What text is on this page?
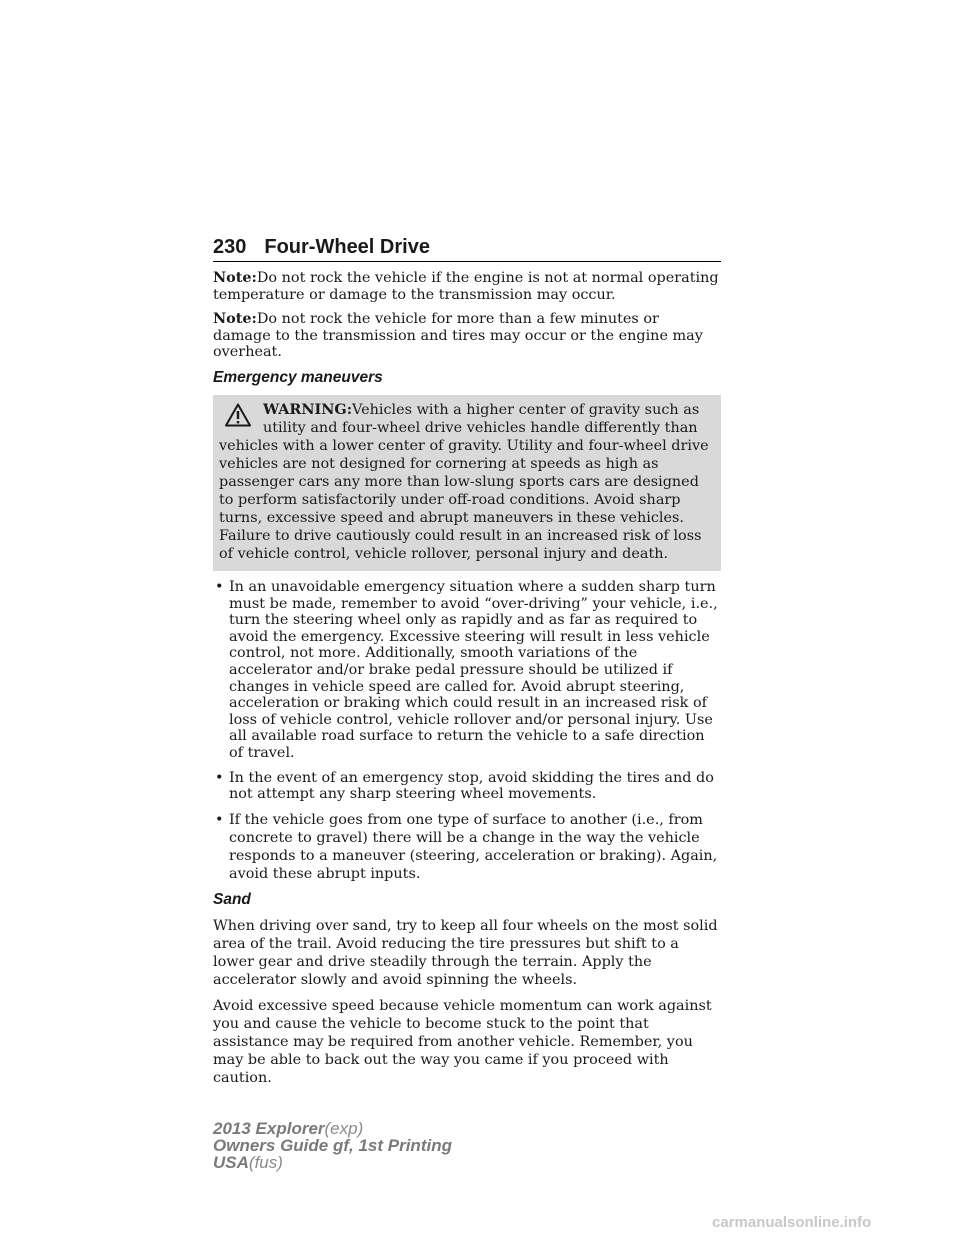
230 Four-Wheel Drive

Note:Do not rock the vehicle if the engine is not at normal operating temperature or damage to the transmission may occur.

Note:Do not rock the vehicle for more than a few minutes or damage to the transmission and tires may occur or the engine may overheat.

Emergency maneuvers
WARNING:Vehicles with a higher center of gravity such as utility and four-wheel drive vehicles handle differently than
vehicles with a lower center of gravity. Utility and four-wheel drive vehicles are not designed for cornering at speeds as high as passenger cars any more than low-slung sports cars are designed to perform satisfactorily under off-road conditions. Avoid sharp turns, excessive speed and abrupt maneuvers in these vehicles. Failure to drive cautiously could result in an increased risk of loss of vehicle control, vehicle rollover, personal injury and death.
• In an unavoidable emergency situation where a sudden sharp turn must be made, remember to avoid “over-driving” your vehicle, i.e., turn the steering wheel only as rapidly and as far as required to avoid the emergency. Excessive steering will result in less vehicle control, not more. Additionally, smooth variations of the accelerator and/or brake pedal pressure should be utilized if changes in vehicle speed are called for. Avoid abrupt steering, acceleration or braking which could result in an increased risk of loss of vehicle control, vehicle rollover and/or personal injury. Use all available road surface to return the vehicle to a safe direction of travel.
• In the event of an emergency stop, avoid skidding the tires and do not attempt any sharp steering wheel movements.
• If the vehicle goes from one type of surface to another (i.e., from concrete to gravel) there will be a change in the way the vehicle responds to a maneuver (steering, acceleration or braking). Again, avoid these abrupt inputs.
Sand

When driving over sand, try to keep all four wheels on the most solid area of the trail. Avoid reducing the tire pressures but shift to a lower gear and drive steadily through the terrain. Apply the accelerator slowly and avoid spinning the wheels.

Avoid excessive speed because vehicle momentum can work against you and cause the vehicle to become stuck to the point that assistance may be required from another vehicle. Remember, you may be able to back out the way you came if you proceed with caution.

2013 Explorer(exp)
Owners Guide gf, 1st Printing
USA(fus)
carmanualsonline.info
